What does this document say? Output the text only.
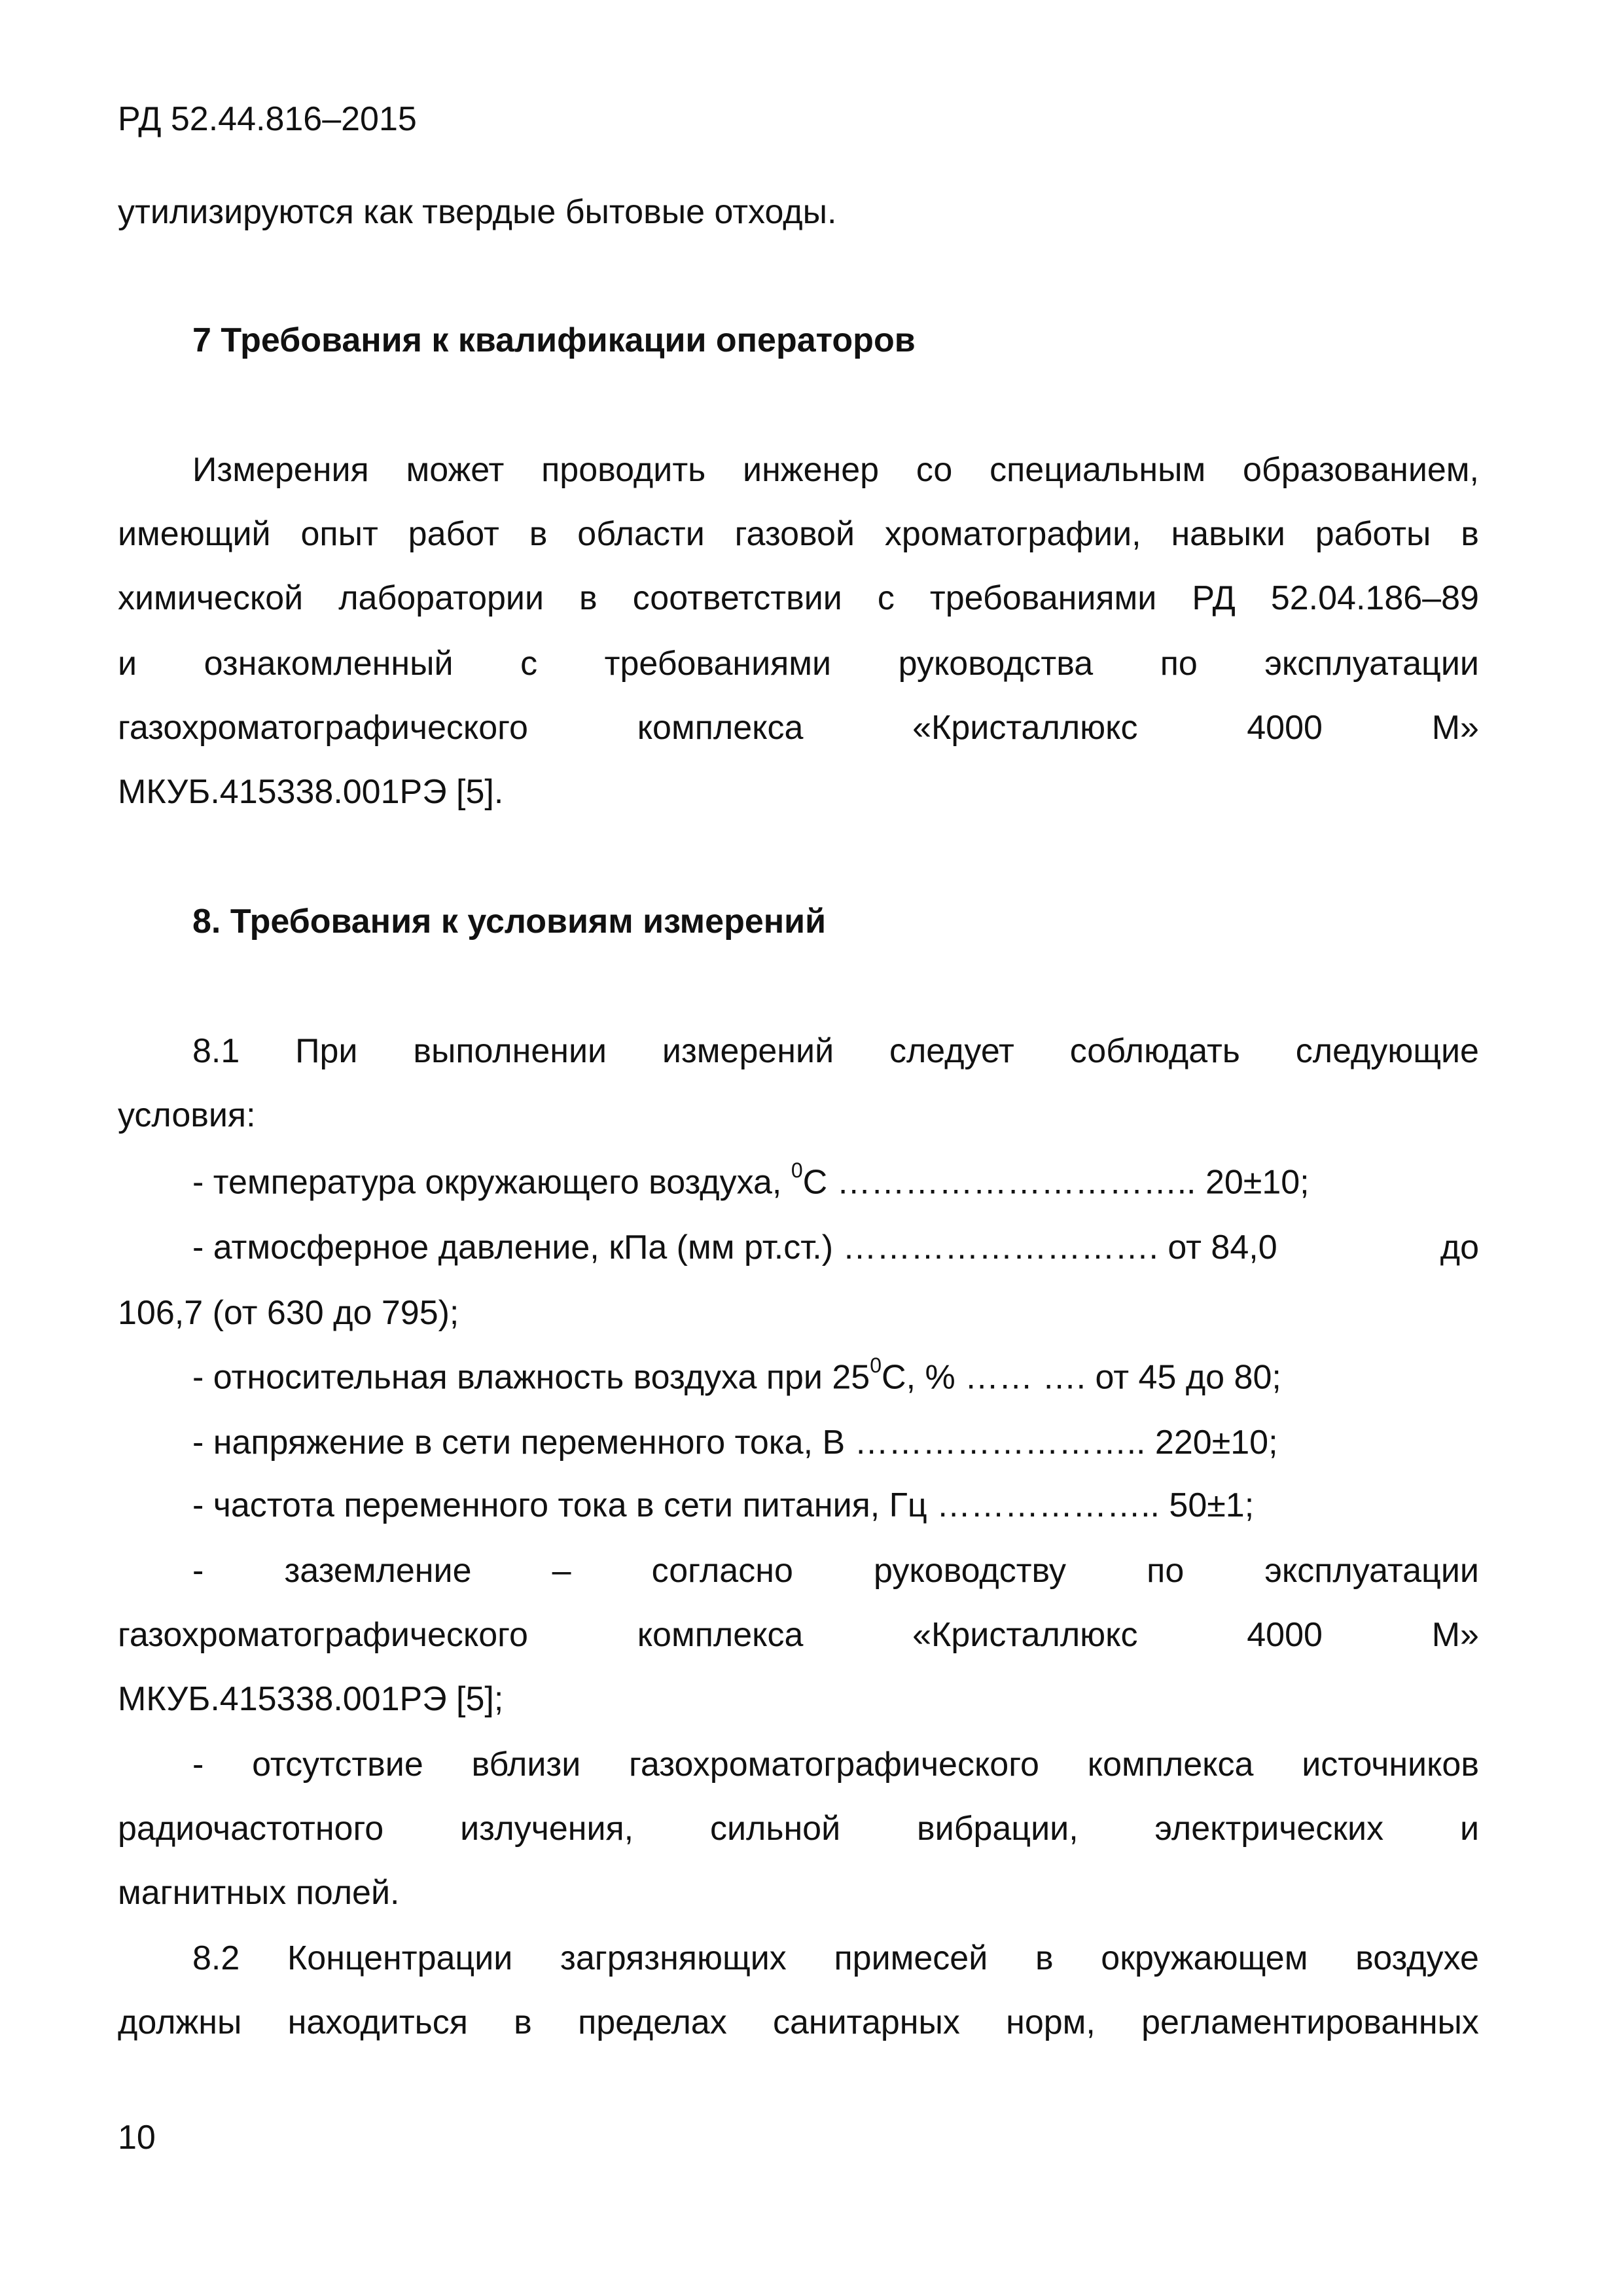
РД 52.44.816–2015
утилизируются как твердые бытовые отходы.
7 Требования к квалификации операторов
Измерения может проводить инженер со специальным образованием,
имеющий опыт работ в области газовой хроматографии, навыки работы в
химической лаборатории в соответствии с требованиями РД 52.04.186–89
и ознакомленный с требованиями руководства по эксплуатации
газохроматографического	комплекса	«Кристаллюкс	4000	М»
МКУБ.415338.001РЭ [5].
8. Требования к условиям измерений
8.1 При выполнении измерений следует соблюдать следующие
условия:
- температура окружающего воздуха, $^0$С ………………………….. 20±10;
- атмосферное давление, кПа (мм рт.ст.) ………………………. от 84,0	до
106,7 (от 630 до 795);
- относительная влажность воздуха при $25^0С$, % …… …. от 45 до 80;
- напряжение в сети переменного тока, В …………………….. 220±10;
- частота переменного тока в сети питания, Гц ……………….. 50±1;
- заземление – согласно руководству по эксплуатации
газохроматографического	комплекса	«Кристаллюкс	4000	М»
МКУБ.415338.001РЭ [5];
- отсутствие вблизи газохроматографического комплекса источников
радиочастотного излучения, сильной вибрации, электрических и
магнитных полей.
8.2 Концентрации загрязняющих примесей в окружающем воздухе
должны находиться в пределах санитарных норм, регламентированных
10
